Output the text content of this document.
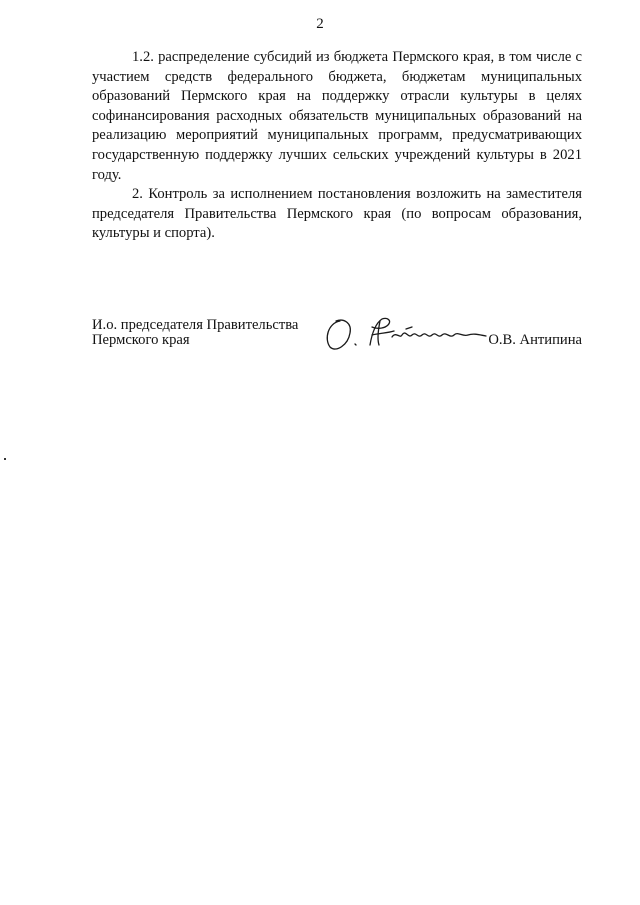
2

1.2. распределение субсидий из бюджета Пермского края, в том числе с участием средств федерального бюджета, бюджетам муниципальных образований Пермского края на поддержку отрасли культуры в целях софинансирования расходных обязательств муниципальных образований на реализацию мероприятий муниципальных программ, предусматривающих государственную поддержку лучших сельских учреждений культуры в 2021 году.

2. Контроль за исполнением постановления возложить на заместителя председателя Правительства Пермского края (по вопросам образования, культуры и спорта).

И.о. председателя Правительства
Пермского края	О.В. Антипина
